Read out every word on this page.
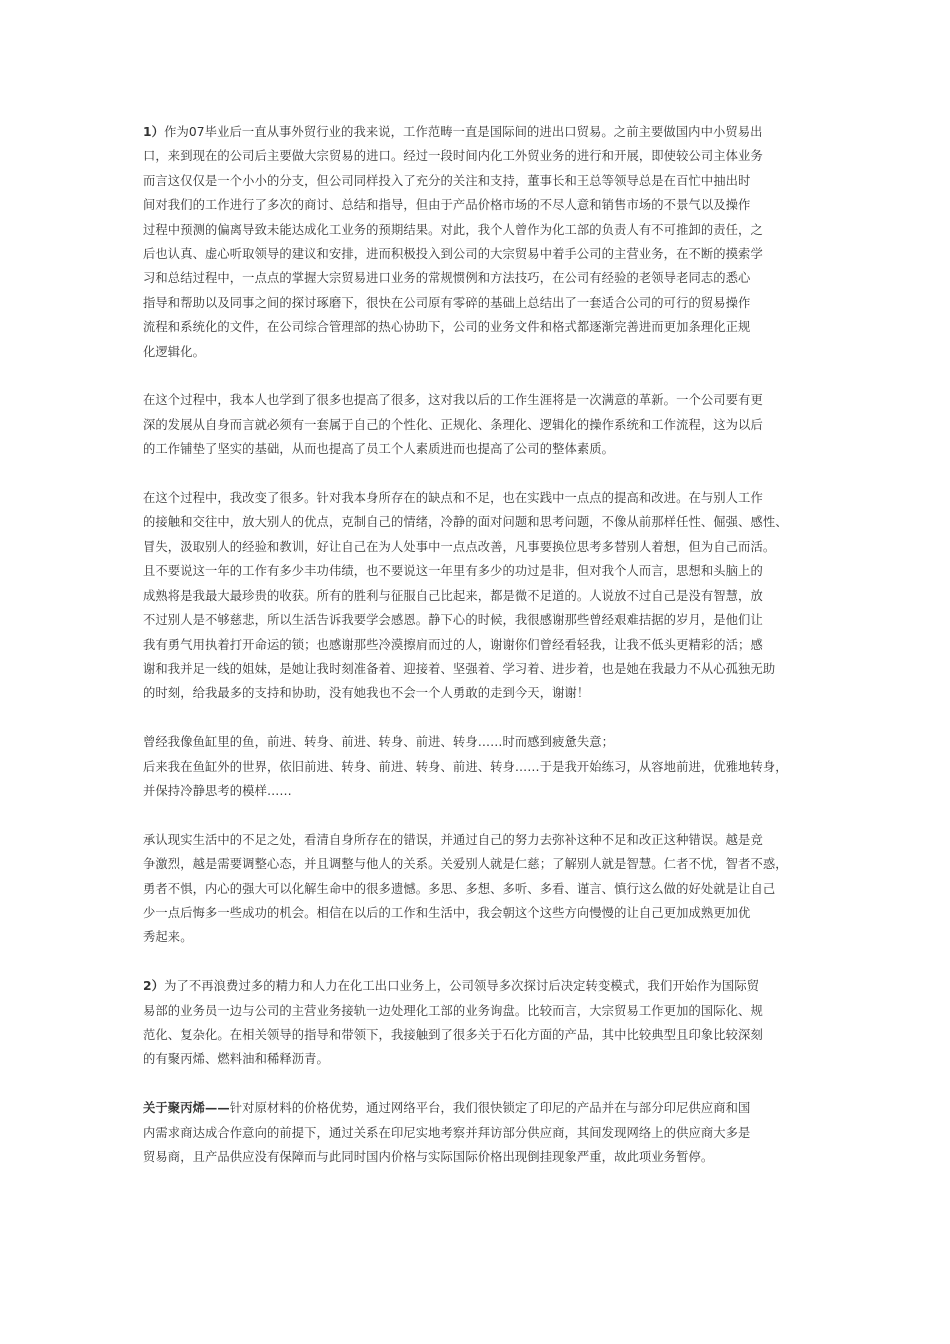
1）作为07毕业后一直从事外贸行业的我来说，工作范畴一直是国际间的进出口贸易。之前主要做国内中小贸易出
口，来到现在的公司后主要做大宗贸易的进口。经过一段时间内化工外贸业务的进行和开展，即使较公司主体业务
而言这仅仅是一个小小的分支，但公司同样投入了充分的关注和支持，董事长和王总等领导总是在百忙中抽出时
间对我们的工作进行了多次的商讨、总结和指导，但由于产品价格市场的不尽人意和销售市场的不景气以及操作
过程中预测的偏离导致未能达成化工业务的预期结果。对此，我个人曾作为化工部的负责人有不可推卸的责任，之
后也认真、虚心听取领导的建议和安排，进而积极投入到公司的大宗贸易中着手公司的主营业务，在不断的摸索学
习和总结过程中，一点点的掌握大宗贸易进口业务的常规惯例和方法技巧，在公司有经验的老领导老同志的悉心
指导和帮助以及同事之间的探讨琢磨下，很快在公司原有零碎的基础上总结出了一套适合公司的可行的贸易操作
流程和系统化的文件，在公司综合管理部的热心协助下，公司的业务文件和格式都逐渐完善进而更加条理化正规
化逻辑化。
在这个过程中，我本人也学到了很多也提高了很多，这对我以后的工作生涯将是一次满意的革新。一个公司要有更
深的发展从自身而言就必须有一套属于自己的个性化、正规化、条理化、逻辑化的操作系统和工作流程，这为以后
的工作铺垫了坚实的基础，从而也提高了员工个人素质进而也提高了公司的整体素质。
在这个过程中，我改变了很多。针对我本身所存在的缺点和不足，也在实践中一点点的提高和改进。在与别人工作
的接触和交往中，放大别人的优点，克制自己的情绪，冷静的面对问题和思考问题，不像从前那样任性、倔强、感性、
冒失，汲取别人的经验和教训，好让自己在为人处事中一点点改善，凡事要换位思考多替别人着想，但为自己而活。
且不要说这一年的工作有多少丰功伟绩，也不要说这一年里有多少的功过是非，但对我个人而言，思想和头脑上的
成熟将是我最大最珍贵的收获。所有的胜利与征服自己比起来，都是微不足道的。人说放不过自己是没有智慧，放
不过别人是不够慈悲，所以生活告诉我要学会感恩。静下心的时候，我很感谢那些曾经艰难拮据的岁月，是他们让
我有勇气用执着打开命运的锁；也感谢那些冷漠擦肩而过的人，谢谢你们曾经看轻我，让我不低头更精彩的活；感
谢和我并足一线的姐妹，是她让我时刻准备着、迎接着、坚强着、学习着、进步着，也是她在我最力不从心孤独无助
的时刻，给我最多的支持和协助，没有她我也不会一个人勇敢的走到今天，谢谢！
曾经我像鱼缸里的鱼，前进、转身、前进、转身、前进、转身……时而感到疲惫失意；
后来我在鱼缸外的世界，依旧前进、转身、前进、转身、前进、转身……于是我开始练习，从容地前进，优雅地转身，
并保持冷静思考的模样……
承认现实生活中的不足之处，看清自身所存在的错误，并通过自己的努力去弥补这种不足和改正这种错误。越是竞
争激烈，越是需要调整心态，并且调整与他人的关系。关爱别人就是仁慈；了解别人就是智慧。仁者不忧，智者不惑，
勇者不惧，内心的强大可以化解生命中的很多遗憾。多思、多想、多听、多看、谨言、慎行这么做的好处就是让自己
少一点后悔多一些成功的机会。相信在以后的工作和生活中，我会朝这个这些方向慢慢的让自己更加成熟更加优
秀起来。
2）为了不再浪费过多的精力和人力在化工出口业务上，公司领导多次探讨后决定转变模式，我们开始作为国际贸
易部的业务员一边与公司的主营业务接轨一边处理化工部的业务询盘。比较而言，大宗贸易工作更加的国际化、规
范化、复杂化。在相关领导的指导和带领下，我接触到了很多关于石化方面的产品，其中比较典型且印象比较深刻
的有聚丙烯、燃料油和稀释沥青。
关于聚丙烯——针对原材料的价格优势，通过网络平台，我们很快锁定了印尼的产品并在与部分印尼供应商和国
内需求商达成合作意向的前提下，通过关系在印尼实地考察并拜访部分供应商，其间发现网络上的供应商大多是
贸易商，且产品供应没有保障而与此同时国内价格与实际国际价格出现倒挂现象严重，故此项业务暂停。
